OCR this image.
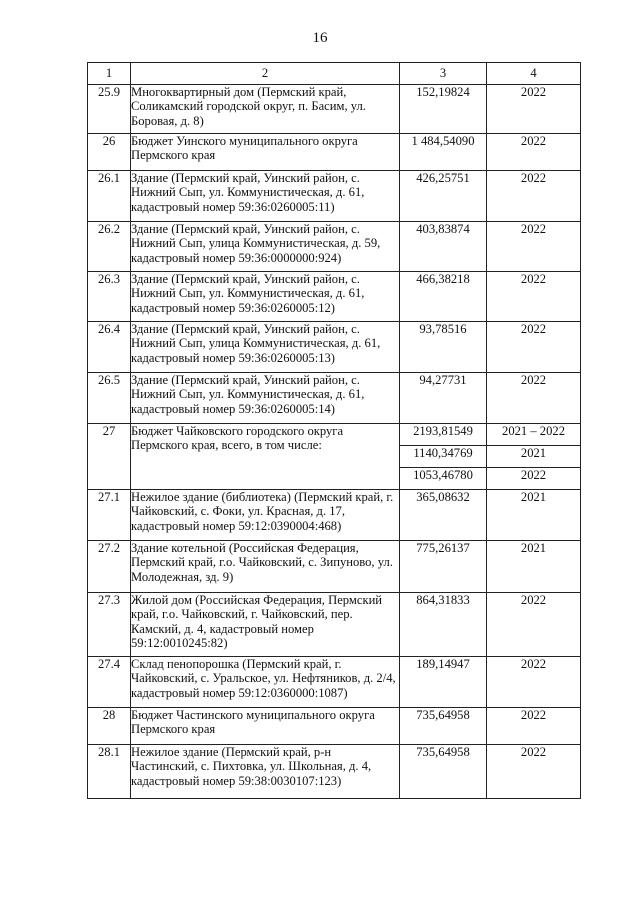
16
1	2	3	4
25.9	Многоквартирный дом (Пермский край, Соликамский городской округ, п. Басим, ул. Боровая, д. 8)	152,19824	2022
26	Бюджет Уинского муниципального округа Пермского края	1 484,54090	2022
26.1	Здание (Пермский край, Уинский район, с. Нижний Сып, ул. Коммунистическая, д. 61, кадастровый номер 59:36:0260005:11)	426,25751	2022
26.2	Здание (Пермский край, Уинский район, с. Нижний Сып, улица Коммунистическая, д. 59, кадастровый номер 59:36:0000000:924)	403,83874	2022
26.3	Здание (Пермский край, Уинский район, с. Нижний Сып, ул. Коммунистическая, д. 61, кадастровый номер 59:36:0260005:12)	466,38218	2022
26.4	Здание (Пермский край, Уинский район, с. Нижний Сып, улица Коммунистическая, д. 61, кадастровый номер 59:36:0260005:13)	93,78516	2022
26.5	Здание (Пермский край, Уинский район, с. Нижний Сып, ул. Коммунистическая, д. 61, кадастровый номер 59:36:0260005:14)	94,27731	2022
27	Бюджет Чайковского городского округа Пермского края, всего, в том числе:	2193,81549	2021 – 2022
		1140,34769	2021
		1053,46780	2022
27.1	Нежилое здание (библиотека) (Пермский край, г. Чайковский, с. Фоки, ул. Красная, д. 17, кадастровый номер 59:12:0390004:468)	365,08632	2021
27.2	Здание котельной (Российская Федерация, Пермский край, г.о. Чайковский, с. Зипуново, ул. Молодежная, зд. 9)	775,26137	2021
27.3	Жилой дом (Российская Федерация, Пермский край, г.о. Чайковский, г. Чайковский, пер. Камский, д. 4, кадастровый номер 59:12:0010245:82)	864,31833	2022
27.4	Склад пенопорошка (Пермский край, г. Чайковский, с. Уральское, ул. Нефтяников, д. 2/4, кадастровый номер 59:12:0360000:1087)	189,14947	2022
28	Бюджет Частинского муниципального округа Пермского края	735,64958	2022
28.1	Нежилое здание (Пермский край, р-н Частинский, с. Пихтовка, ул. Школьная, д. 4, кадастровый номер 59:38:0030107:123)	735,64958	2022
